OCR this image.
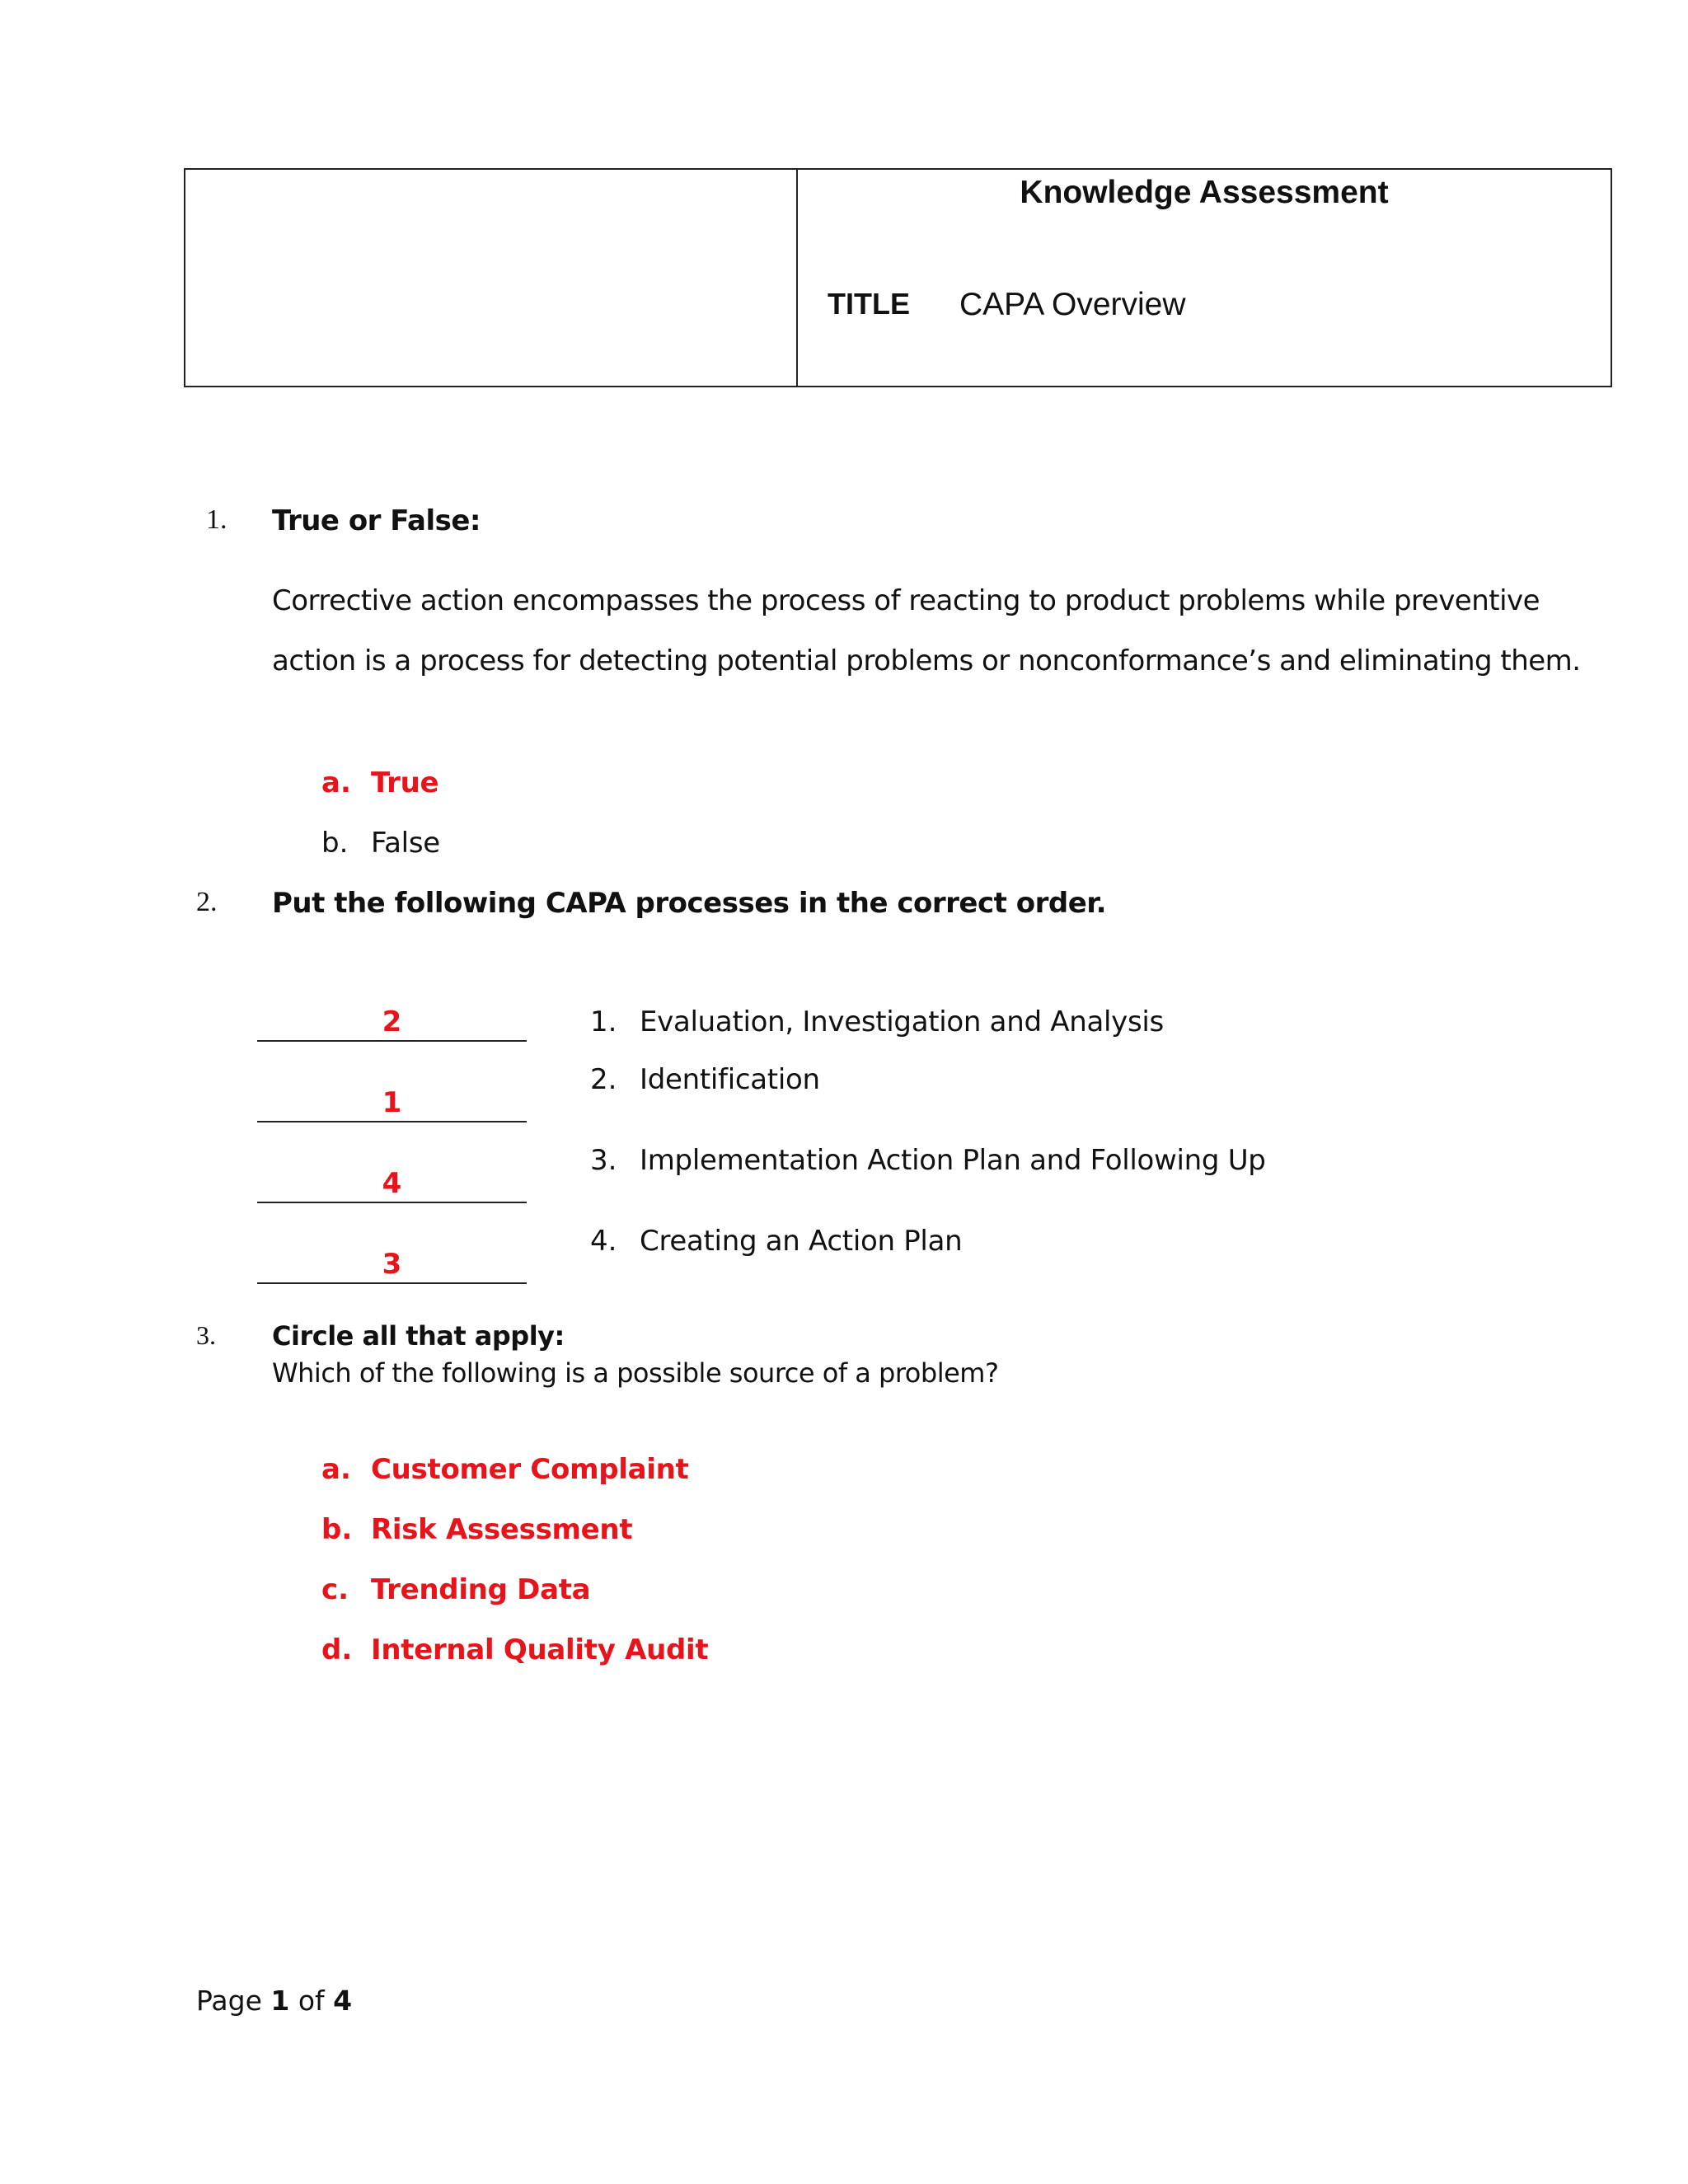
Knowledge Assessment
TITLE CAPA Overview
1. True or False:
Corrective action encompasses the process of reacting to product problems while preventive
action is a process for detecting potential problems or nonconformance’s and eliminating them.
a. True
b. False
2. Put the following CAPA processes in the correct order.
2
1
4
3
1. Evaluation, Investigation and Analysis
2. Identification
3. Implementation Action Plan and Following Up
4. Creating an Action Plan
3. Circle all that apply:
Which of the following is a possible source of a problem?
a. Customer Complaint
b. Risk Assessment
c. Trending Data
d. Internal Quality Audit
Page 1 of 4
